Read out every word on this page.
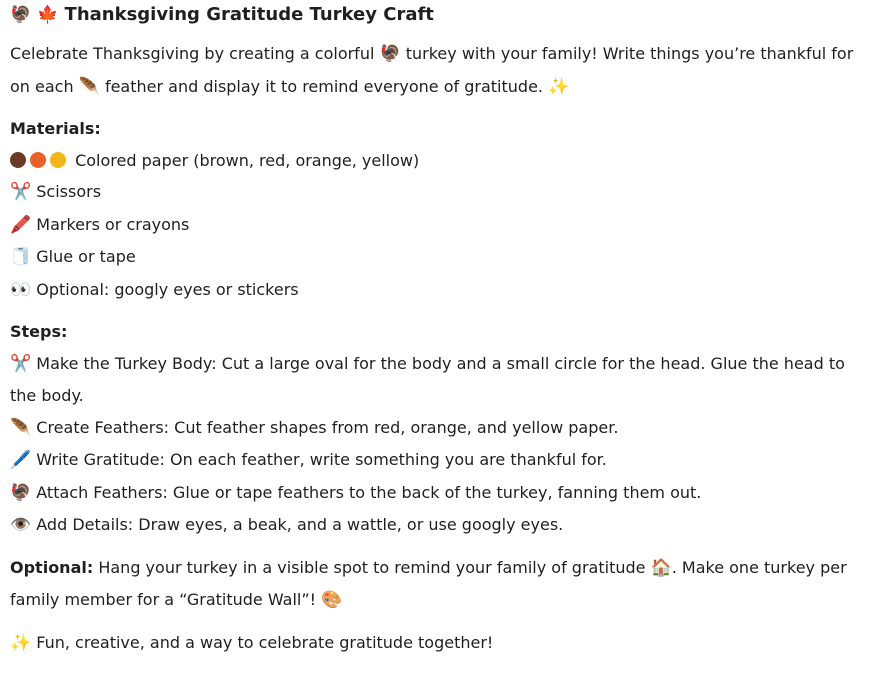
🦃 🍁 Thanksgiving Gratitude Turkey Craft
Celebrate Thanksgiving by creating a colorful 🦃 turkey with your family! Write things you’re thankful for on each 🪶 feather and display it to remind everyone of gratitude. ✨
Materials:
Colored paper (brown, red, orange, yellow)
✂️ Scissors
🖍️ Markers or crayons
🧻 Glue or tape
👀 Optional: googly eyes or stickers
Steps:
✂️ Make the Turkey Body: Cut a large oval for the body and a small circle for the head. Glue the head to the body.
🪶 Create Feathers: Cut feather shapes from red, orange, and yellow paper.
🖊️ Write Gratitude: On each feather, write something you are thankful for.
🦃 Attach Feathers: Glue or tape feathers to the back of the turkey, fanning them out.
👁️ Add Details: Draw eyes, a beak, and a wattle, or use googly eyes.
Optional: Hang your turkey in a visible spot to remind your family of gratitude 🏠. Make one turkey per family member for a “Gratitude Wall”! 🎨
✨ Fun, creative, and a way to celebrate gratitude together!
